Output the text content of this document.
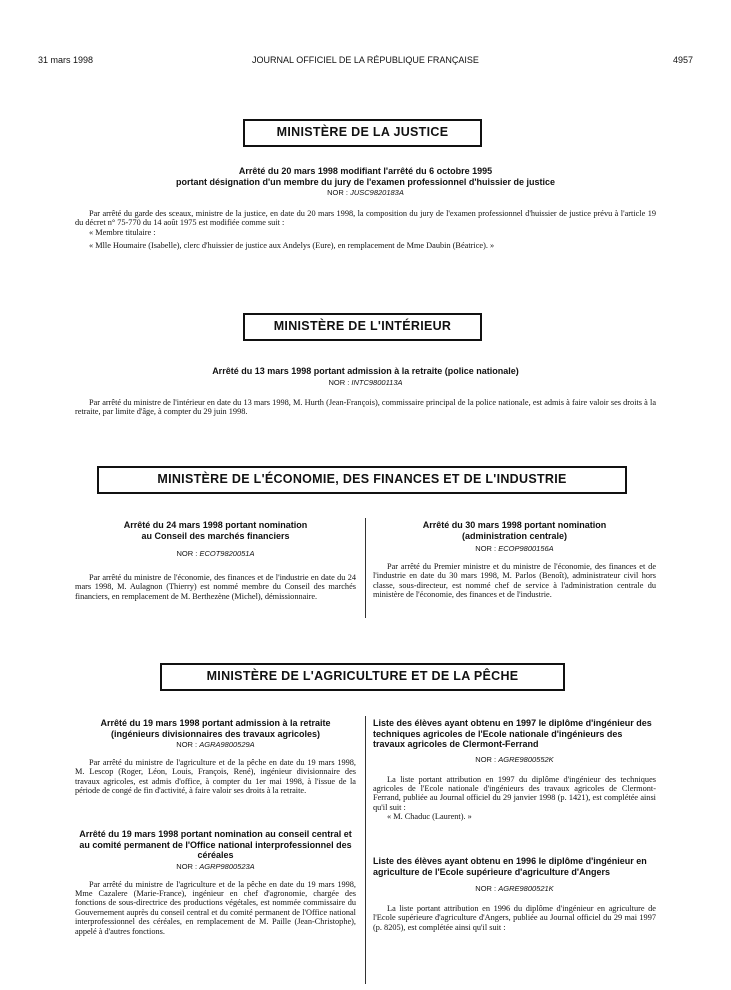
31 mars 1998	JOURNAL OFFICIEL DE LA RÉPUBLIQUE FRANÇAISE	4957
MINISTÈRE DE LA JUSTICE
Arrêté du 20 mars 1998 modifiant l'arrêté du 6 octobre 1995
portant désignation d'un membre du jury de l'examen professionnel d'huissier de justice
NOR : JUSC9820183A

Par arrêté du garde des sceaux, ministre de la justice, en date du 20 mars 1998, la composition du jury de l'examen professionnel d'huissier de justice prévu à l'article 19 du décret n° 75-770 du 14 août 1975 est modifiée comme suit :

« Membre titulaire :

« Mlle Houmaire (Isabelle), clerc d'huissier de justice aux Andelys (Eure), en remplacement de Mme Daubin (Béatrice). »

MINISTÈRE DE L'INTÉRIEUR
Arrêté du 13 mars 1998 portant admission à la retraite (police nationale)
NOR : INTC9800113A

Par arrêté du ministre de l'intérieur en date du 13 mars 1998, M. Hurth (Jean-François), commissaire principal de la police nationale, est admis à faire valoir ses droits à la retraite, par limite d'âge, à compter du 29 juin 1998.

MINISTÈRE DE L'ÉCONOMIE, DES FINANCES ET DE L'INDUSTRIE
Arrêté du 24 mars 1998 portant nomination
au Conseil des marchés financiers
NOR : ECOT9820051A

Par arrêté du ministre de l'économie, des finances et de l'industrie en date du 24 mars 1998, M. Aulagnon (Thierry) est nommé membre du Conseil des marchés financiers, en remplacement de M. Berthezène (Michel), démissionnaire.

Arrêté du 30 mars 1998 portant nomination
(administration centrale)
NOR : ECOP9800156A

Par arrêté du Premier ministre et du ministre de l'économie, des finances et de l'industrie en date du 30 mars 1998, M. Parlos (Benoît), administrateur civil hors classe, sous-directeur, est nommé chef de service à l'administration centrale du ministère de l'économie, des finances et de l'industrie.

MINISTÈRE DE L'AGRICULTURE ET DE LA PÊCHE
Arrêté du 19 mars 1998 portant admission à la retraite
(ingénieurs divisionnaires des travaux agricoles)
NOR : AGRA9800529A

Par arrêté du ministre de l'agriculture et de la pêche en date du 19 mars 1998, M. Lescop (Roger, Léon, Louis, François, René), ingénieur divisionnaire des travaux agricoles, est admis d'office, à compter du 1er mai 1998, à l'issue de la période de congé de fin d'activité, à faire valoir ses droits à la retraite.

Arrêté du 19 mars 1998 portant nomination au conseil central et au comité permanent de l'Office national interprofessionnel des céréales
NOR : AGRP9800523A

Par arrêté du ministre de l'agriculture et de la pêche en date du 19 mars 1998, Mme Cazalere (Marie-France), ingénieur en chef d'agronomie, chargée des fonctions de sous-directrice des productions végétales, est nommée commissaire du Gouvernement auprès du conseil central et du comité permanent de l'Office national interprofessionnel des céréales, en remplacement de M. Paille (Jean-Christophe), appelé à d'autres fonctions.

Liste des élèves ayant obtenu en 1997 le diplôme d'ingénieur des techniques agricoles de l'Ecole nationale d'ingénieurs des travaux agricoles de Clermont-Ferrand
NOR : AGRE9800552K

La liste portant attribution en 1997 du diplôme d'ingénieur des techniques agricoles de l'Ecole nationale d'ingénieurs des travaux agricoles de Clermont-Ferrand, publiée au Journal officiel du 29 janvier 1998 (p. 1421), est complétée ainsi qu'il suit :

« M. Chaduc (Laurent). »

Liste des élèves ayant obtenu en 1996 le diplôme d'ingénieur en agriculture de l'Ecole supérieure d'agriculture d'Angers
NOR : AGRE9800521K

La liste portant attribution en 1996 du diplôme d'ingénieur en agriculture de l'Ecole supérieure d'agriculture d'Angers, publiée au Journal officiel du 29 mai 1997 (p. 8205), est complétée ainsi qu'il suit :
